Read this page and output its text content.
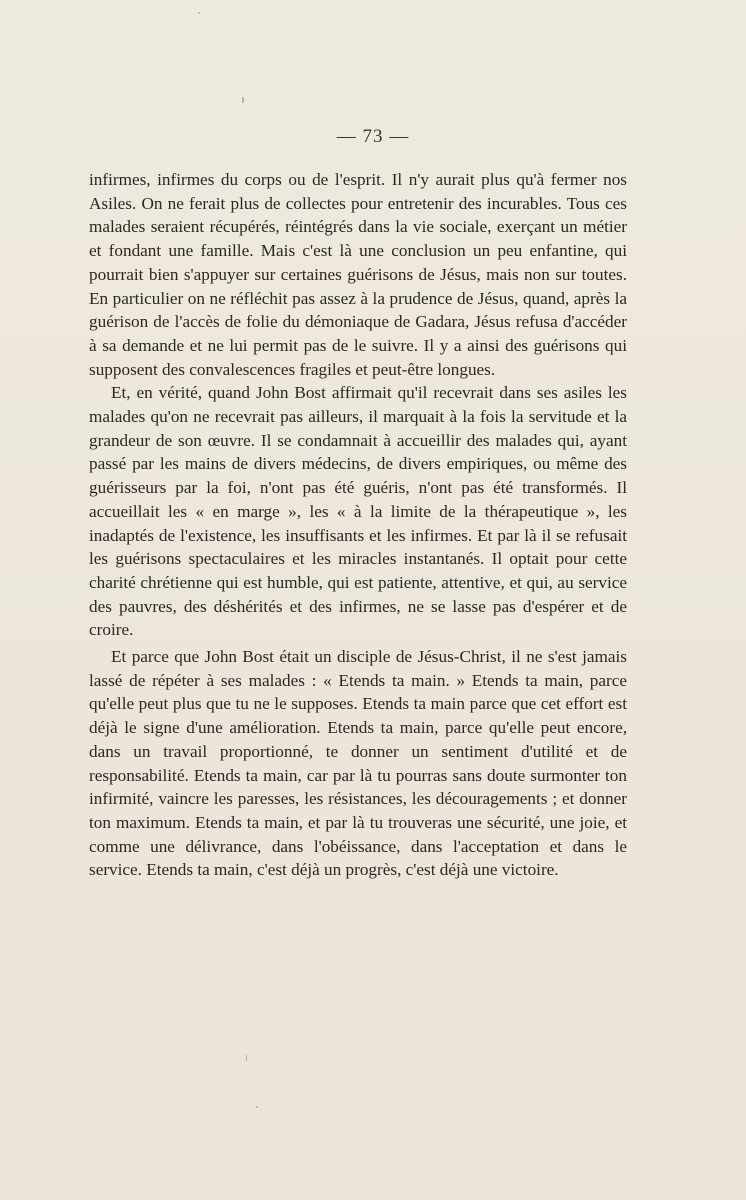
— 73 —

infirmes, infirmes du corps ou de l'esprit. Il n'y aurait plus qu'à fermer nos Asiles. On ne ferait plus de collectes pour entretenir des incurables. Tous ces malades seraient récupérés, réintégrés dans la vie sociale, exerçant un métier et fondant une famille. Mais c'est là une conclusion un peu enfantine, qui pourrait bien s'appuyer sur certaines guérisons de Jésus, mais non sur toutes. En particulier on ne réfléchit pas assez à la prudence de Jésus, quand, après la guérison de l'accès de folie du démoniaque de Gadara, Jésus refusa d'accéder à sa demande et ne lui permit pas de le suivre. Il y a ainsi des guérisons qui supposent des convalescences fragiles et peut-être longues.

Et, en vérité, quand John Bost affirmait qu'il recevrait dans ses asiles les malades qu'on ne recevrait pas ailleurs, il marquait à la fois la servitude et la grandeur de son œuvre. Il se condamnait à accueillir des malades qui, ayant passé par les mains de divers médecins, de divers empiriques, ou même des guérisseurs par la foi, n'ont pas été guéris, n'ont pas été transformés. Il accueillait les « en marge », les « à la limite de la thérapeutique », les inadaptés de l'existence, les insuffisants et les infirmes. Et par là il se refusait les guérisons spectaculaires et les miracles instantanés. Il optait pour cette charité chrétienne qui est humble, qui est patiente, attentive, et qui, au service des pauvres, des déshérités et des infirmes, ne se lasse pas d'espérer et de croire.

Et parce que John Bost était un disciple de Jésus-Christ, il ne s'est jamais lassé de répéter à ses malades : « Etends ta main. » Etends ta main, parce qu'elle peut plus que tu ne le supposes. Etends ta main parce que cet effort est déjà le signe d'une amélioration. Etends ta main, parce qu'elle peut encore, dans un travail proportionné, te donner un sentiment d'utilité et de responsabilité. Etends ta main, car par là tu pourras sans doute surmonter ton infirmité, vaincre les paresses, les résistances, les découragements ; et donner ton maximum. Etends ta main, et par là tu trouveras une sécurité, une joie, et comme une délivrance, dans l'obéissance, dans l'acceptation et dans le service. Etends ta main, c'est déjà un progrès, c'est déjà une victoire.
